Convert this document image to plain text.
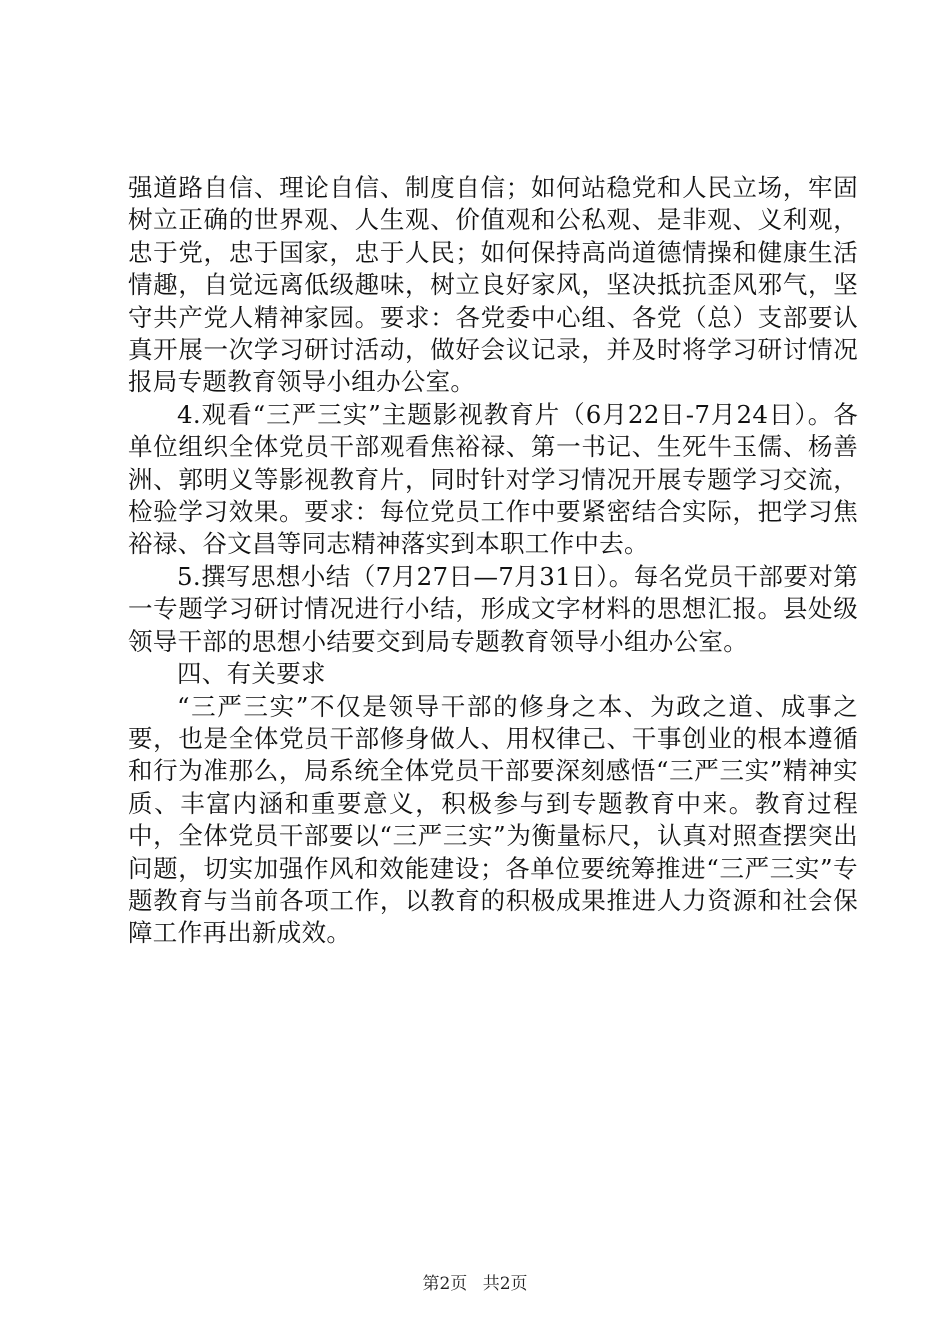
强道路自信、理论自信、制度自信；如何站稳党和人民立场，牢固树立正确的世界观、人生观、价值观和公私观、是非观、义利观，忠于党，忠于国家，忠于人民；如何保持高尚道德情操和健康生活情趣，自觉远离低级趣味，树立良好家风，坚决抵抗歪风邪气，坚守共产党人精神家园。要求：各党委中心组、各党（总）支部要认真开展一次学习研讨活动，做好会议记录，并及时将学习研讨情况报局专题教育领导小组办公室。

4.观看“三严三实”主题影视教育片（6月22日-7月24日）。各单位组织全体党员干部观看焦裕禄、第一书记、生死牛玉儒、杨善洲、郭明义等影视教育片，同时针对学习情况开展专题学习交流，检验学习效果。要求：每位党员工作中要紧密结合实际，把学习焦裕禄、谷文昌等同志精神落实到本职工作中去。

5.撰写思想小结（7月27日—7月31日）。每名党员干部要对第一专题学习研讨情况进行小结，形成文字材料的思想汇报。县处级领导干部的思想小结要交到局专题教育领导小组办公室。

四、有关要求

“三严三实”不仅是领导干部的修身之本、为政之道、成事之要，也是全体党员干部修身做人、用权律己、干事创业的根本遵循和行为准那么，局系统全体党员干部要深刻感悟“三严三实”精神实质、丰富内涵和重要意义，积极参与到专题教育中来。教育过程中，全体党员干部要以“三严三实”为衡量标尺，认真对照查摆突出问题，切实加强作风和效能建设；各单位要统筹推进“三严三实”专题教育与当前各项工作，以教育的积极成果推进人力资源和社会保障工作再出新成效。

第2页 共2页
